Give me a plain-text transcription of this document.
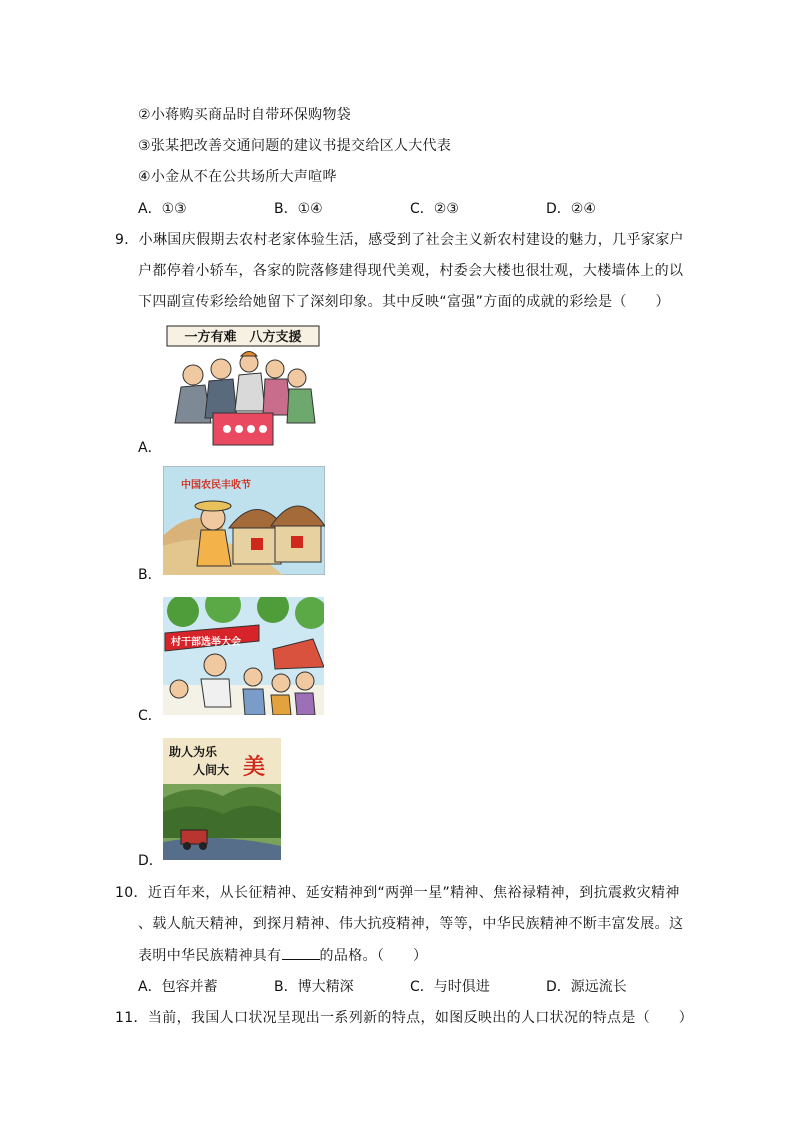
②小蒋购买商品时自带环保购物袋
③张某把改善交通问题的建议书提交给区人大代表
④小金从不在公共场所大声喧哗
A．①③	B．①④	C．②③	D．②④
9．小琳国庆假期去农村老家体验生活，感受到了社会主义新农村建设的魅力，几乎家家户
户都停着小轿车，各家的院落修建得现代美观，村委会大楼也很壮观，大楼墙体上的以
下四副宣传彩绘给她留下了深刻印象。其中反映“富强”方面的成就的彩绘是（　　）
一方有难　八方支援
A．
中国农民丰收节
B．
村干部选举大会
C．
助人为乐
人间大 美
D．
10．近百年来，从长征精神、延安精神到“两弹一星”精神、焦裕禄精神，到抗震救灾精神
、载人航天精神，到探月精神、伟大抗疫精神，等等，中华民族精神不断丰富发展。这
表明中华民族精神具有	的品格。（　　）
A．包容并蓄	B．博大精深	C．与时俱进	D．源远流长
11．当前，我国人口状况呈现出一系列新的特点，如图反映出的人口状况的特点是（　　）
